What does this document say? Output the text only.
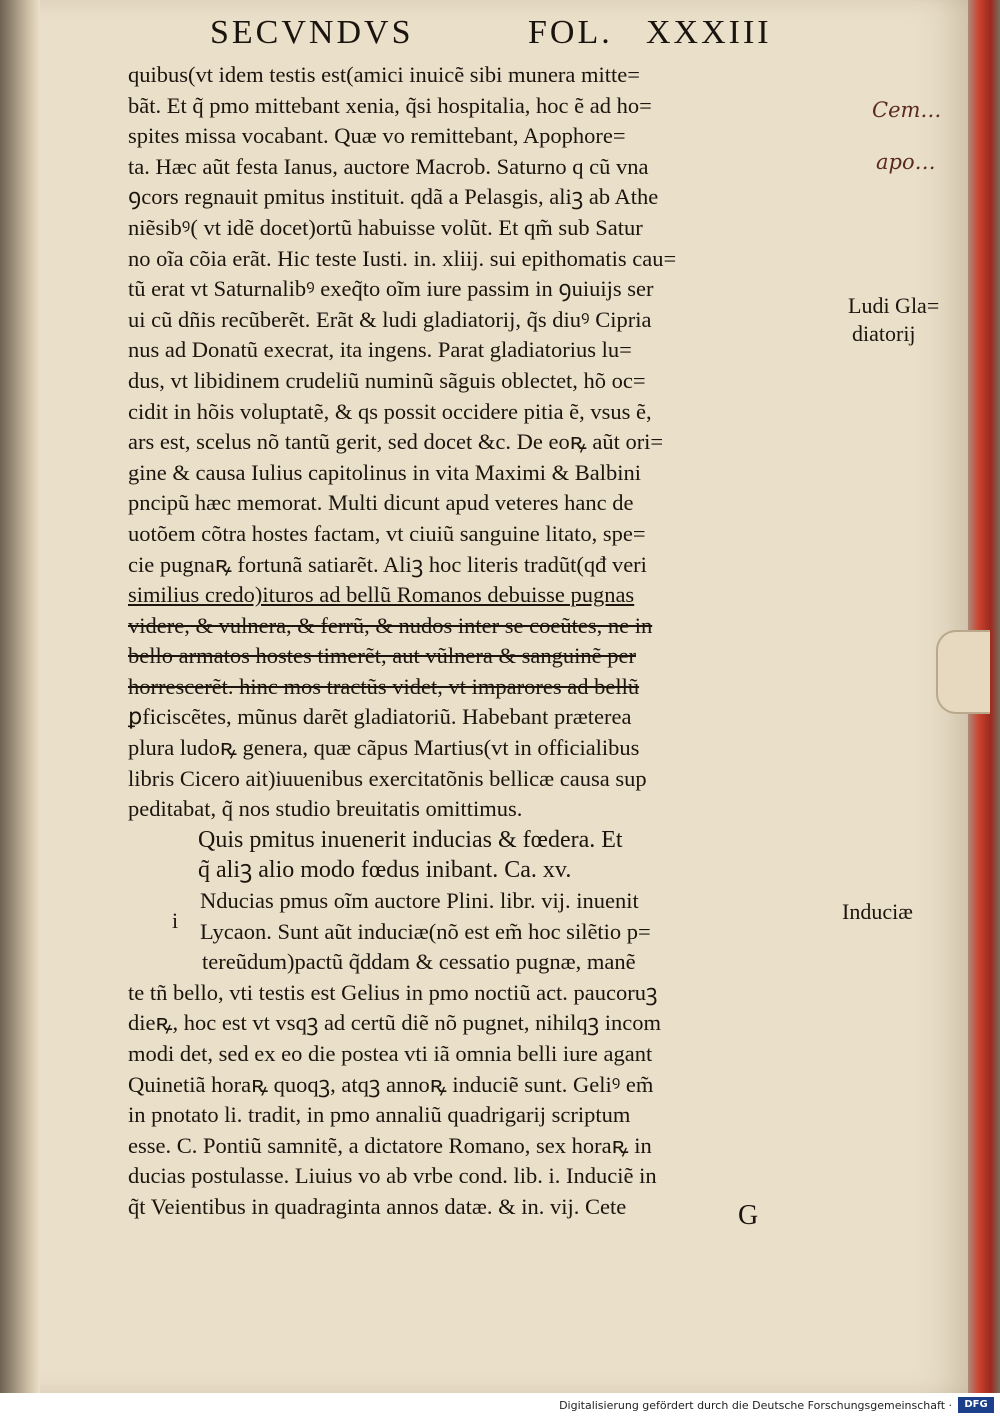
SECVNDVS	FOL. XXXIII
quibus(vt idem testis est(amici inuicẽ sibi munera mitte=
bãt. Et q̃ pmo mittebant xenia, q̃si hospitalia, hoc ẽ ad ho=
spites missa vocabant. Quæ vo remittebant, Apophore=
ta. Hæc aũt festa Ianus, auctore Macrob. Saturno q cũ vna
ꝯcors regnauit pmitus instituit. qdã a Pelasgis, aliꝫ ab Athe
niẽsibꝰ( vt idẽ docet)ortũ habuisse volũt. Et qm̃ sub Satur
no oĩa cõia erãt. Hic teste Iusti. in. xliij. sui epithomatis cau=
tũ erat vt Saturnalibꝰ exeq̃to oĩm iure passim in ꝯuiuijs ser
ui cũ dñis recũberẽt. Erãt & ludi gladiatorij, q̃s diuꝰ Cipria
nus ad Donatũ execrat, ita ingens. Parat gladiatorius lu=
dus, vt libidinem crudeliũ numinũ sãguis oblectet, hõ oc=
cidit in hõis voluptatẽ, & qs possit occidere pitia ẽ, vsus ẽ,
ars est, scelus nõ tantũ gerit, sed docet &c. De eoꝶ aũt ori=
gine & causa Iulius capitolinus in vita Maximi & Balbini
pncipũ hæc memorat. Multi dicunt apud veteres hanc de
uotõem cõtra hostes factam, vt ciuiũ sanguine litato, spe=
cie pugnaꝶ fortunã satiarẽt. Aliꝫ hoc literis tradũt(qđ veri
similius credo)ituros ad bellũ Romanos debuisse pugnas
videre, & vulnera, & ferrũ, & nudos inter se coeũtes, ne in
bello armatos hostes timerẽt, aut vũlnera & sanguinẽ per
horrescerẽt. hinc mos tractũs videt, vt imparores ad bellũ
ꝑficiscẽtes, mũnus darẽt gladiatoriũ. Habebant præterea
plura ludoꝶ genera, quæ cãpus Martius(vt in officialibus
libris Cicero ait)iuuenibus exercitatõnis bellicæ causa sup
peditabat, q̃ nos studio breuitatis omittimus.
Quis pmitus inuenerit inducias & fœdera. Et
q̃ aliꝫ alio modo fœdus inibant. Ca. xv.
Nducias pmus oĩm auctore Plini. libr. vij. inuenit
Lycaon. Sunt aũt induciæ(nõ est em̃ hoc silẽtio p=
tereũdum)pactũ q̃ddam & cessatio pugnæ, manẽ
te tñ bello, vti testis est Gelius in pmo noctiũ act. paucoruꝫ
dieꝶ, hoc est vt vsqꝫ ad certũ diẽ nõ pugnet, nihilqꝫ incom
modi det, sed ex eo die postea vti iã omnia belli iure agant
Quinetiã horaꝶ quoqꝫ, atqꝫ annoꝶ induciẽ sunt. Geliꝰ em̃
in pnotato li. tradit, in pmo annaliũ quadrigarij scriptum
esse. C. Pontiũ samnitẽ, a dictatore Romano, sex horaꝶ in
ducias postulasse. Liuius vo ab vrbe cond. lib. i. Induciẽ in
q̃t Veientibus in quadraginta annos datæ. & in. vij. Cete
i
Ludi Gla=
diatorij
Induciæ
Cem…
apo…
G
Digitalisierung gefördert durch die Deutsche Forschungsgemeinschaft ·	DFG
